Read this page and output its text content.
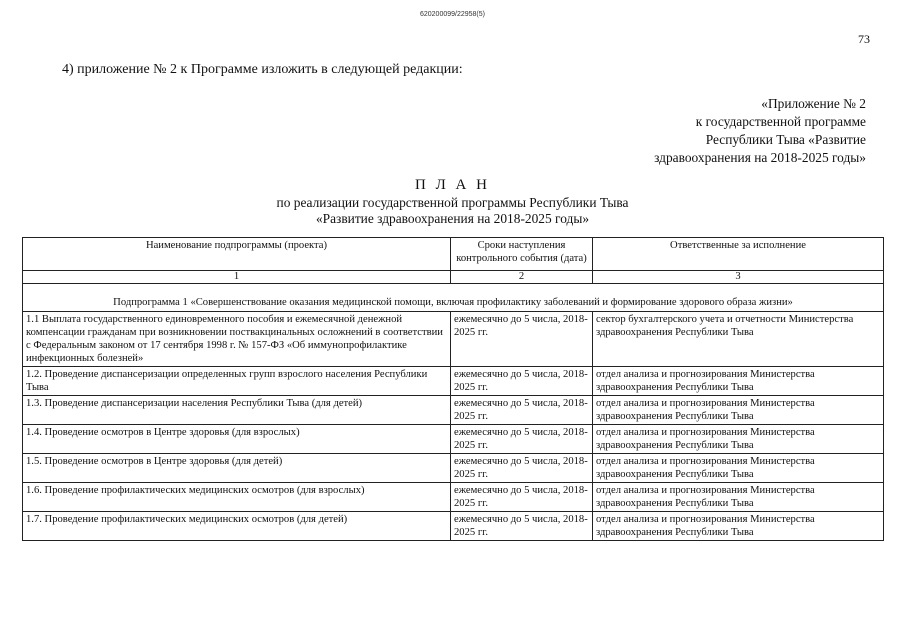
620200099/22958(5)
73
4) приложение № 2 к Программе изложить в следующей редакции:
«Приложение № 2
к государственной программе
Республики Тыва «Развитие
здравоохранения на 2018-2025 годы»
П Л А Н
по реализации государственной программы Республики Тыва
«Развитие здравоохранения на 2018-2025 годы»
Наименование подпрограммы (проекта)	Сроки наступления контрольного события (дата)	Ответственные за исполнение
1	2	3

Подпрограмма 1 «Совершенствование оказания медицинской помощи, включая профилактику заболеваний и формирование здорового образа жизни»		
1.1 Выплата государственного единовременного пособия и ежемесячной денежной компенсации гражданам при возникновении поствакцинальных осложнений в соответствии с Федеральным законом от 17 сентября 1998 г. № 157-ФЗ «Об иммунопрофилактике инфекционных болезней»	ежемесячно до 5 числа, 2018-2025 гг.	сектор бухгалтерского учета и отчетности Министерства здравоохранения Республики Тыва
1.2. Проведение диспансеризации определенных групп взрослого населения Республики Тыва	ежемесячно до 5 числа, 2018-2025 гг.	отдел анализа и прогнозирования Министерства здравоохранения Республики Тыва
1.3. Проведение диспансеризации населения Республики Тыва (для детей)	ежемесячно до 5 числа, 2018-2025 гг.	отдел анализа и прогнозирования Министерства здравоохранения Республики Тыва
1.4. Проведение осмотров в Центре здоровья (для взрослых)	ежемесячно до 5 числа, 2018-2025 гг.	отдел анализа и прогнозирования Министерства здравоохранения Республики Тыва
1.5. Проведение осмотров в Центре здоровья (для детей)	ежемесячно до 5 числа, 2018-2025 гг.	отдел анализа и прогнозирования Министерства здравоохранения Республики Тыва
1.6. Проведение профилактических медицинских осмотров (для взрослых)	ежемесячно до 5 числа, 2018-2025 гг.	отдел анализа и прогнозирования Министерства здравоохранения Республики Тыва
1.7. Проведение профилактических медицинских осмотров (для детей)	ежемесячно до 5 числа, 2018-2025 гг.	отдел анализа и прогнозирования Министерства здравоохранения Республики Тыва
